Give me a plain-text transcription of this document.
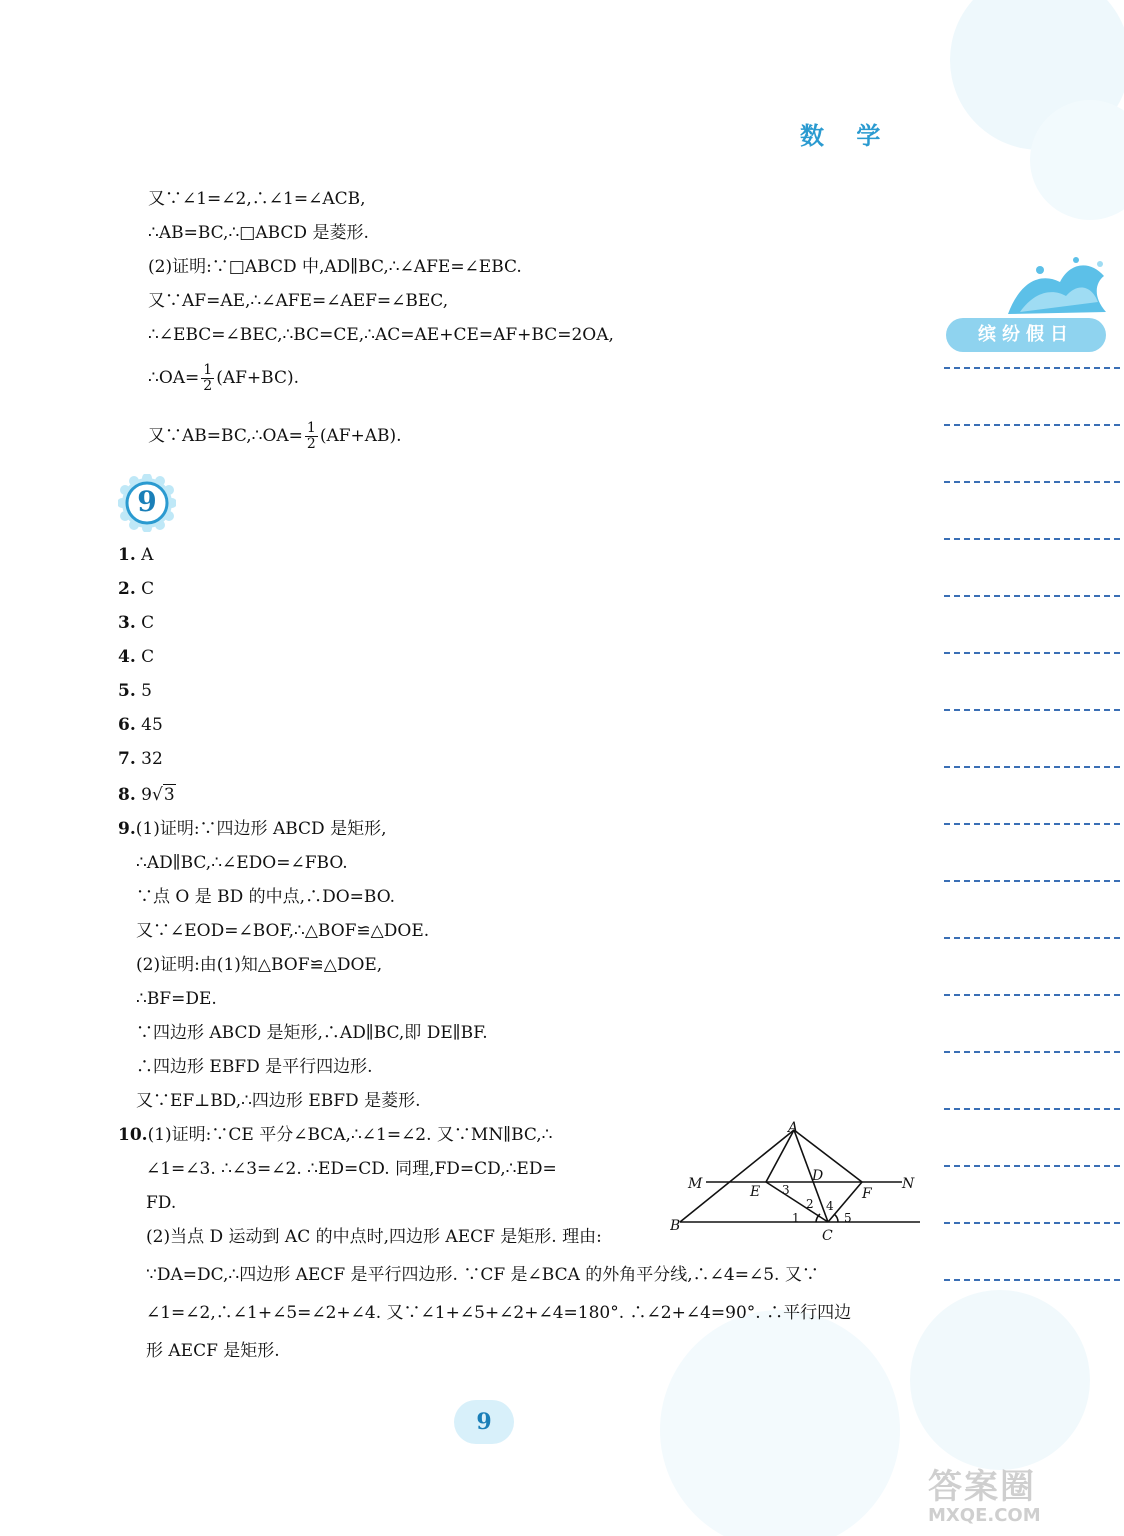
数 学
缤纷假日
又∵∠1=∠2,∴∠1=∠ACB,
∴AB=BC,∴□ABCD 是菱形.
(2)证明:∵□ABCD 中,AD∥BC,∴∠AFE=∠EBC.
又∵AF=AE,∴∠AFE=∠AEF=∠BEC,
∴∠EBC=∠BEC,∴BC=CE,∴AC=AE+CE=AF+BC=2OA,
∴OA= $\frac{1}{2} (AF+BC)$.
又∵AB=BC,∴OA= $\frac{1}{2} (AF+AB)$.
9
1. A
2. C
3. C
4. C
5. 5
6. 45
7. 32
8. 9√3
9.(1)证明:∵四边形 ABCD 是矩形,
∴AD∥BC,∴∠EDO=∠FBO.
∵点 O 是 BD 的中点,∴DO=BO.
又∵∠EOD=∠BOF,∴△BOF≌△DOE.
(2)证明:由(1)知△BOF≌△DOE,
∴BF=DE.
∵四边形 ABCD 是矩形,∴AD∥BC,即 DE∥BF.
∴四边形 EBFD 是平行四边形.
又∵EF⊥BD,∴四边形 EBFD 是菱形.
10.(1)证明:∵CE 平分∠BCA,∴∠1=∠2. 又∵MN∥BC,∴
∠1=∠3. ∴∠3=∠2. ∴ED=CD. 同理,FD=CD,∴ED=
FD.
(2)当点 D 运动到 AC 的中点时,四边形 AECF 是矩形. 理由:
∵DA=DC,∴四边形 AECF 是平行四边形. ∵CF 是∠BCA 的外角平分线,∴∠4=∠5. 又∵
∠1=∠2,∴∠1+∠5=∠2+∠4. 又∵∠1+∠5+∠2+∠4=180°. ∴∠2+∠4=90°. ∴平行四边
形 AECF 是矩形.
A
B
C
D
E	F
M	N
1
2
3
4
5
9
答案圈
MXQE.COM
